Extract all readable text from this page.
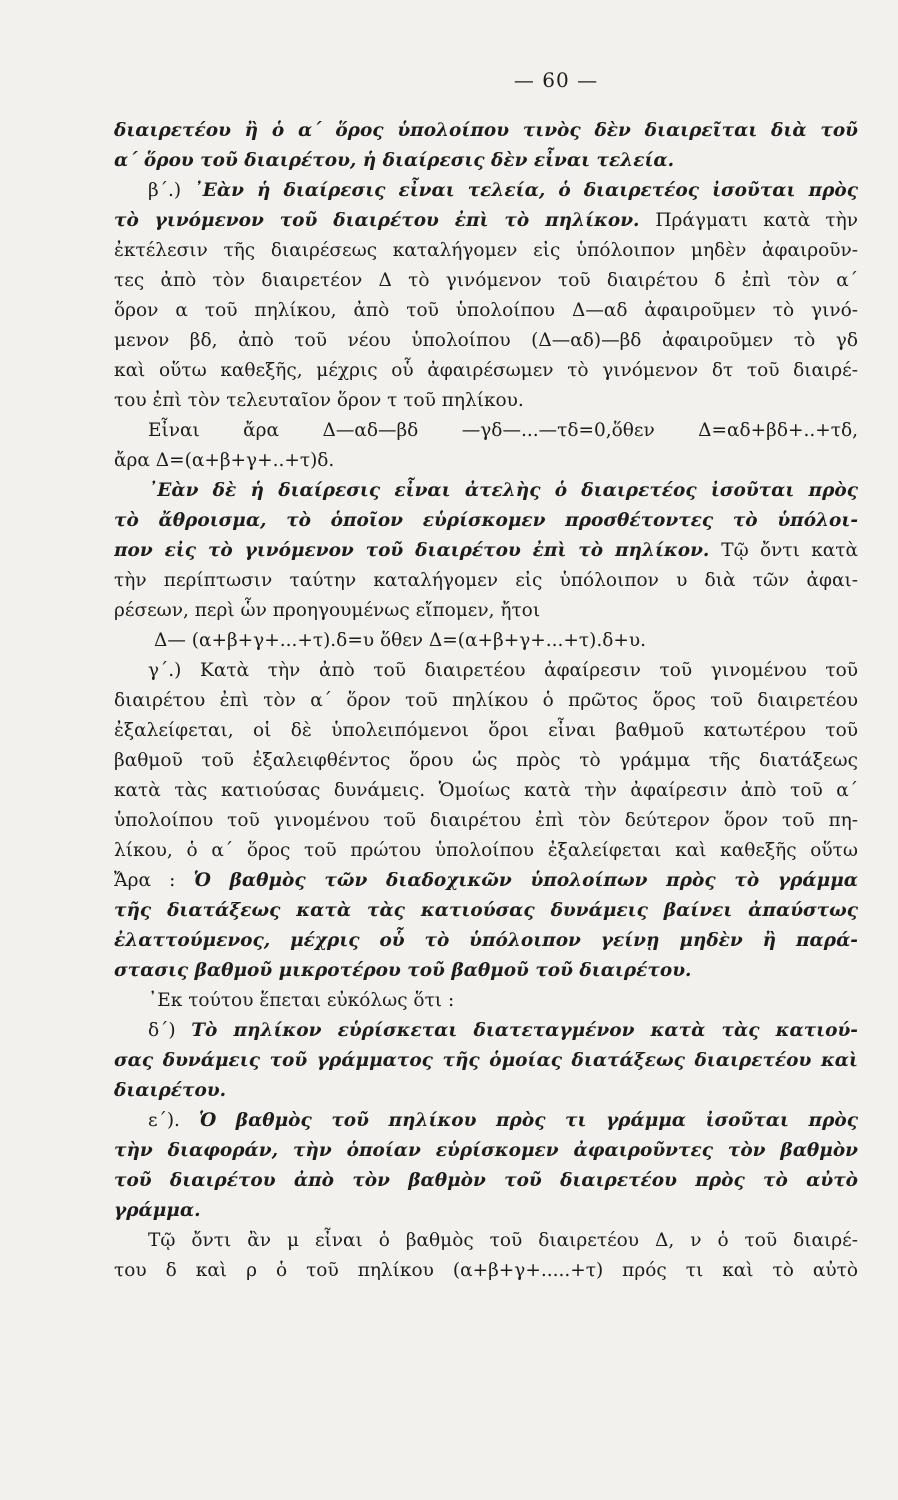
— 60 —
διαιρετέου ἢ ὁ α΄ ὅρος ὑπολοίπου τινὸς δὲν διαιρεῖται διὰ τοῦ
α΄ ὅρου τοῦ διαιρέτου, ἡ διαίρεσις δὲν εἶναι τελεία.
β΄.) ᾿Εὰν ἡ διαίρεσις εἶναι τελεία, ὁ διαιρετέος ἰσοῦται πρὸς
τὸ γινόμενον τοῦ διαιρέτου ἐπὶ τὸ πηλίκον. Πράγματι κατὰ τὴν
ἐκτέλεσιν τῆς διαιρέσεως καταλήγομεν εἰς ὑπόλοιπον μηδὲν ἀφαιροῦν-
τες ἀπὸ τὸν διαιρετέον Δ τὸ γινόμενον τοῦ διαιρέτου δ ἐπὶ τὸν α΄
ὅρον α τοῦ πηλίκου, ἀπὸ τοῦ ὑπολοίπου Δ—αδ ἀφαιροῦμεν τὸ γινό-
μενον βδ, ἀπὸ τοῦ νέου ὑπολοίπου (Δ—αδ)—βδ ἀφαιροῦμεν τὸ γδ
καὶ οὕτω καθεξῆς, μέχρις οὗ ἀφαιρέσωμεν τὸ γινόμενον δτ τοῦ διαιρέ-
του ἐπὶ τὸν τελευταῖον ὅρον τ τοῦ πηλίκου.
Εἶναι ἄρα Δ—αδ—βδ —γδ—...—τδ=0,ὅθεν Δ=αδ+βδ+..+τδ,
ἄρα Δ=(α+β+γ+..+τ)δ.
᾿Εὰν δὲ ἡ διαίρεσις εἶναι ἀτελὴς ὁ διαιρετέος ἰσοῦται πρὸς
τὸ ἄθροισμα, τὸ ὁποῖον εὑρίσκομεν προσθέτοντες τὸ ὑπόλοι-
πον εἰς τὸ γινόμενον τοῦ διαιρέτου ἐπὶ τὸ πηλίκον. Τῷ ὄντι κατὰ
τὴν περίπτωσιν ταύτην καταλήγομεν εἰς ὑπόλοιπον υ διὰ τῶν ἀφαι-
ρέσεων, περὶ ὧν προηγουμένως εἴπομεν, ἤτοι
Δ— (α+β+γ+...+τ).δ=υ ὅθεν Δ=(α+β+γ+...+τ).δ+υ.
γ΄.) Κατὰ τὴν ἀπὸ τοῦ διαιρετέου ἀφαίρεσιν τοῦ γινομένου τοῦ
διαιρέτου ἐπὶ τὸν α΄ ὅρον τοῦ πηλίκου ὁ πρῶτος ὅρος τοῦ διαιρετέου
ἐξαλείφεται, οἱ δὲ ὑπολειπόμενοι ὅροι εἶναι βαθμοῦ κατωτέρου τοῦ
βαθμοῦ τοῦ ἐξαλειφθέντος ὅρου ὡς πρὸς τὸ γράμμα τῆς διατάξεως
κατὰ τὰς κατιούσας δυνάμεις. Ὁμοίως κατὰ τὴν ἀφαίρεσιν ἀπὸ τοῦ α΄
ὑπολοίπου τοῦ γινομένου τοῦ διαιρέτου ἐπὶ τὸν δεύτερον ὅρον τοῦ πη-
λίκου, ὁ α΄ ὅρος τοῦ πρώτου ὑπολοίπου ἐξαλείφεται καὶ καθεξῆς οὕτω
Ἄρα : Ὁ βαθμὸς τῶν διαδοχικῶν ὑπολοίπων πρὸς τὸ γράμμα
τῆς διατάξεως κατὰ τὰς κατιούσας δυνάμεις βαίνει ἀπαύστως
ἐλαττούμενος, μέχρις οὗ τὸ ὑπόλοιπον γείνῃ μηδὲν ἢ παρά-
στασις βαθμοῦ μικροτέρου τοῦ βαθμοῦ τοῦ διαιρέτου.
᾿Εκ τούτου ἕπεται εὐκόλως ὅτι :
δ΄) Τὸ πηλίκον εὑρίσκεται διατεταγμένον κατὰ τὰς κατιού-
σας δυνάμεις τοῦ γράμματος τῆς ὁμοίας διατάξεως διαιρετέου καὶ
διαιρέτου.
ε΄). Ὁ βαθμὸς τοῦ πηλίκου πρὸς τι γράμμα ἰσοῦται πρὸς
τὴν διαφοράν, τὴν ὁποίαν εὑρίσκομεν ἀφαιροῦντες τὸν βαθμὸν
τοῦ διαιρέτου ἀπὸ τὸν βαθμὸν τοῦ διαιρετέου πρὸς τὸ αὐτὸ
γράμμα.
Τῷ ὄντι ἂν μ εἶναι ὁ βαθμὸς τοῦ διαιρετέου Δ, ν ὁ τοῦ διαιρέ-
του δ καὶ ρ ὁ τοῦ πηλίκου (α+β+γ+.....+τ) πρός τι καὶ τὸ αὐτὸ
